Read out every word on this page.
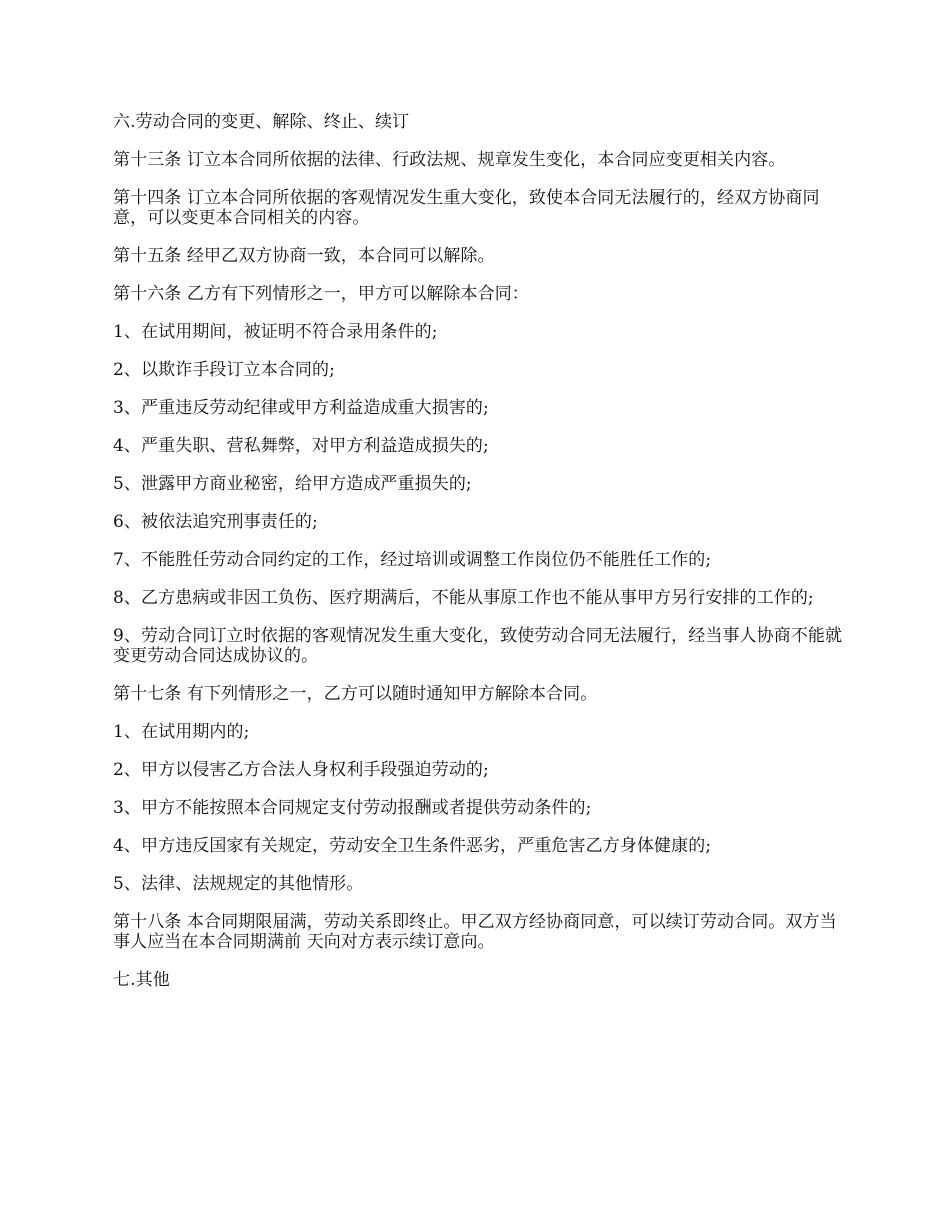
六.劳动合同的变更、解除、终止、续订

第十三条 订立本合同所依据的法律、行政法规、规章发生变化，本合同应变更相关内容。

第十四条 订立本合同所依据的客观情况发生重大变化，致使本合同无法履行的，经双方协商同意，可以变更本合同相关的内容。

第十五条 经甲乙双方协商一致，本合同可以解除。

第十六条 乙方有下列情形之一，甲方可以解除本合同：

1、在试用期间，被证明不符合录用条件的;

2、以欺诈手段订立本合同的;

3、严重违反劳动纪律或甲方利益造成重大损害的;

4、严重失职、营私舞弊，对甲方利益造成损失的;

5、泄露甲方商业秘密，给甲方造成严重损失的;

6、被依法追究刑事责任的;

7、不能胜任劳动合同约定的工作，经过培训或调整工作岗位仍不能胜任工作的;

8、乙方患病或非因工负伤、医疗期满后，不能从事原工作也不能从事甲方另行安排的工作的;

9、劳动合同订立时依据的客观情况发生重大变化，致使劳动合同无法履行，经当事人协商不能就变更劳动合同达成协议的。

第十七条 有下列情形之一，乙方可以随时通知甲方解除本合同。

1、在试用期内的;

2、甲方以侵害乙方合法人身权利手段强迫劳动的;

3、甲方不能按照本合同规定支付劳动报酬或者提供劳动条件的;

4、甲方违反国家有关规定，劳动安全卫生条件恶劣，严重危害乙方身体健康的;

5、法律、法规规定的其他情形。

第十八条 本合同期限届满，劳动关系即终止。甲乙双方经协商同意，可以续订劳动合同。双方当事人应当在本合同期满前 天向对方表示续订意向。

七.其他
